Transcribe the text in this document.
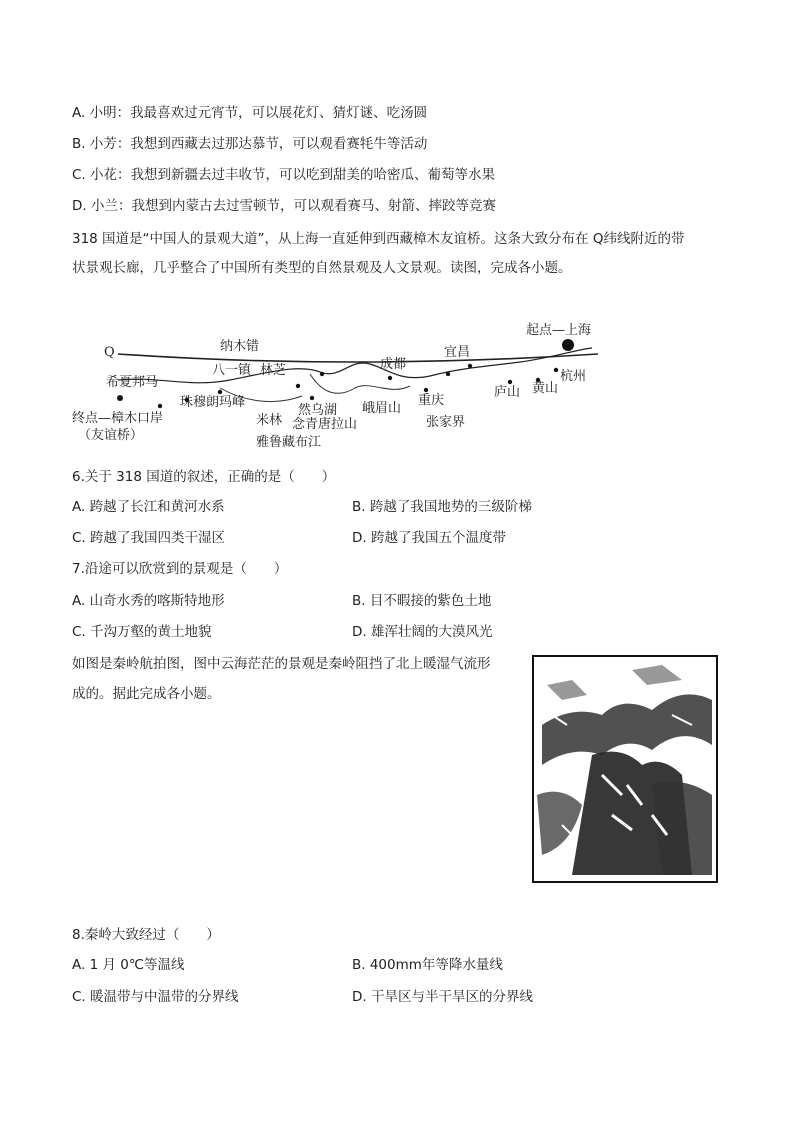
A. 小明：我最喜欢过元宵节，可以展花灯、猜灯谜、吃汤圆
B. 小芳：我想到西藏去过那达慕节，可以观看赛牦牛等活动
C. 小花：我想到新疆去过丰收节，可以吃到甜美的哈密瓜、葡萄等水果
D. 小兰：我想到内蒙古去过雪顿节，可以观看赛马、射箭、摔跤等竞赛
318 国道是“中国人的景观大道”，从上海一直延伸到西藏樟木友谊桥。这条大致分布在 Q纬线附近的带
状景观长廊，几乎整合了中国所有类型的自然景观及人文景观。读图，完成各小题。
Q
起点—上海
希夏邦马
纳木错
八一镇 林芝
珠穆朗玛峰
米林
然乌湖
念青唐拉山
雅鲁藏布江
成都
峨眉山
重庆
张家界
宜昌
庐山 黄山
杭州
终点—樟木口岸
（友谊桥）
6.关于 318 国道的叙述，正确的是（　　）
A. 跨越了长江和黄河水系	B. 跨越了我国地势的三级阶梯
C. 跨越了我国四类干湿区	D. 跨越了我国五个温度带
7.沿途可以欣赏到的景观是（　　）
A. 山奇水秀的喀斯特地形	B. 目不暇接的紫色土地
C. 千沟万壑的黄土地貌	D. 雄浑壮阔的大漠风光
如图是秦岭航拍图，图中云海茫茫的景观是秦岭阻挡了北上暖湿气流形
成的。据此完成各小题。
8.秦岭大致经过（　　）
A. 1 月 0℃等温线	B. 400mm年等降水量线
C. 暖温带与中温带的分界线	D. 干旱区与半干旱区的分界线
